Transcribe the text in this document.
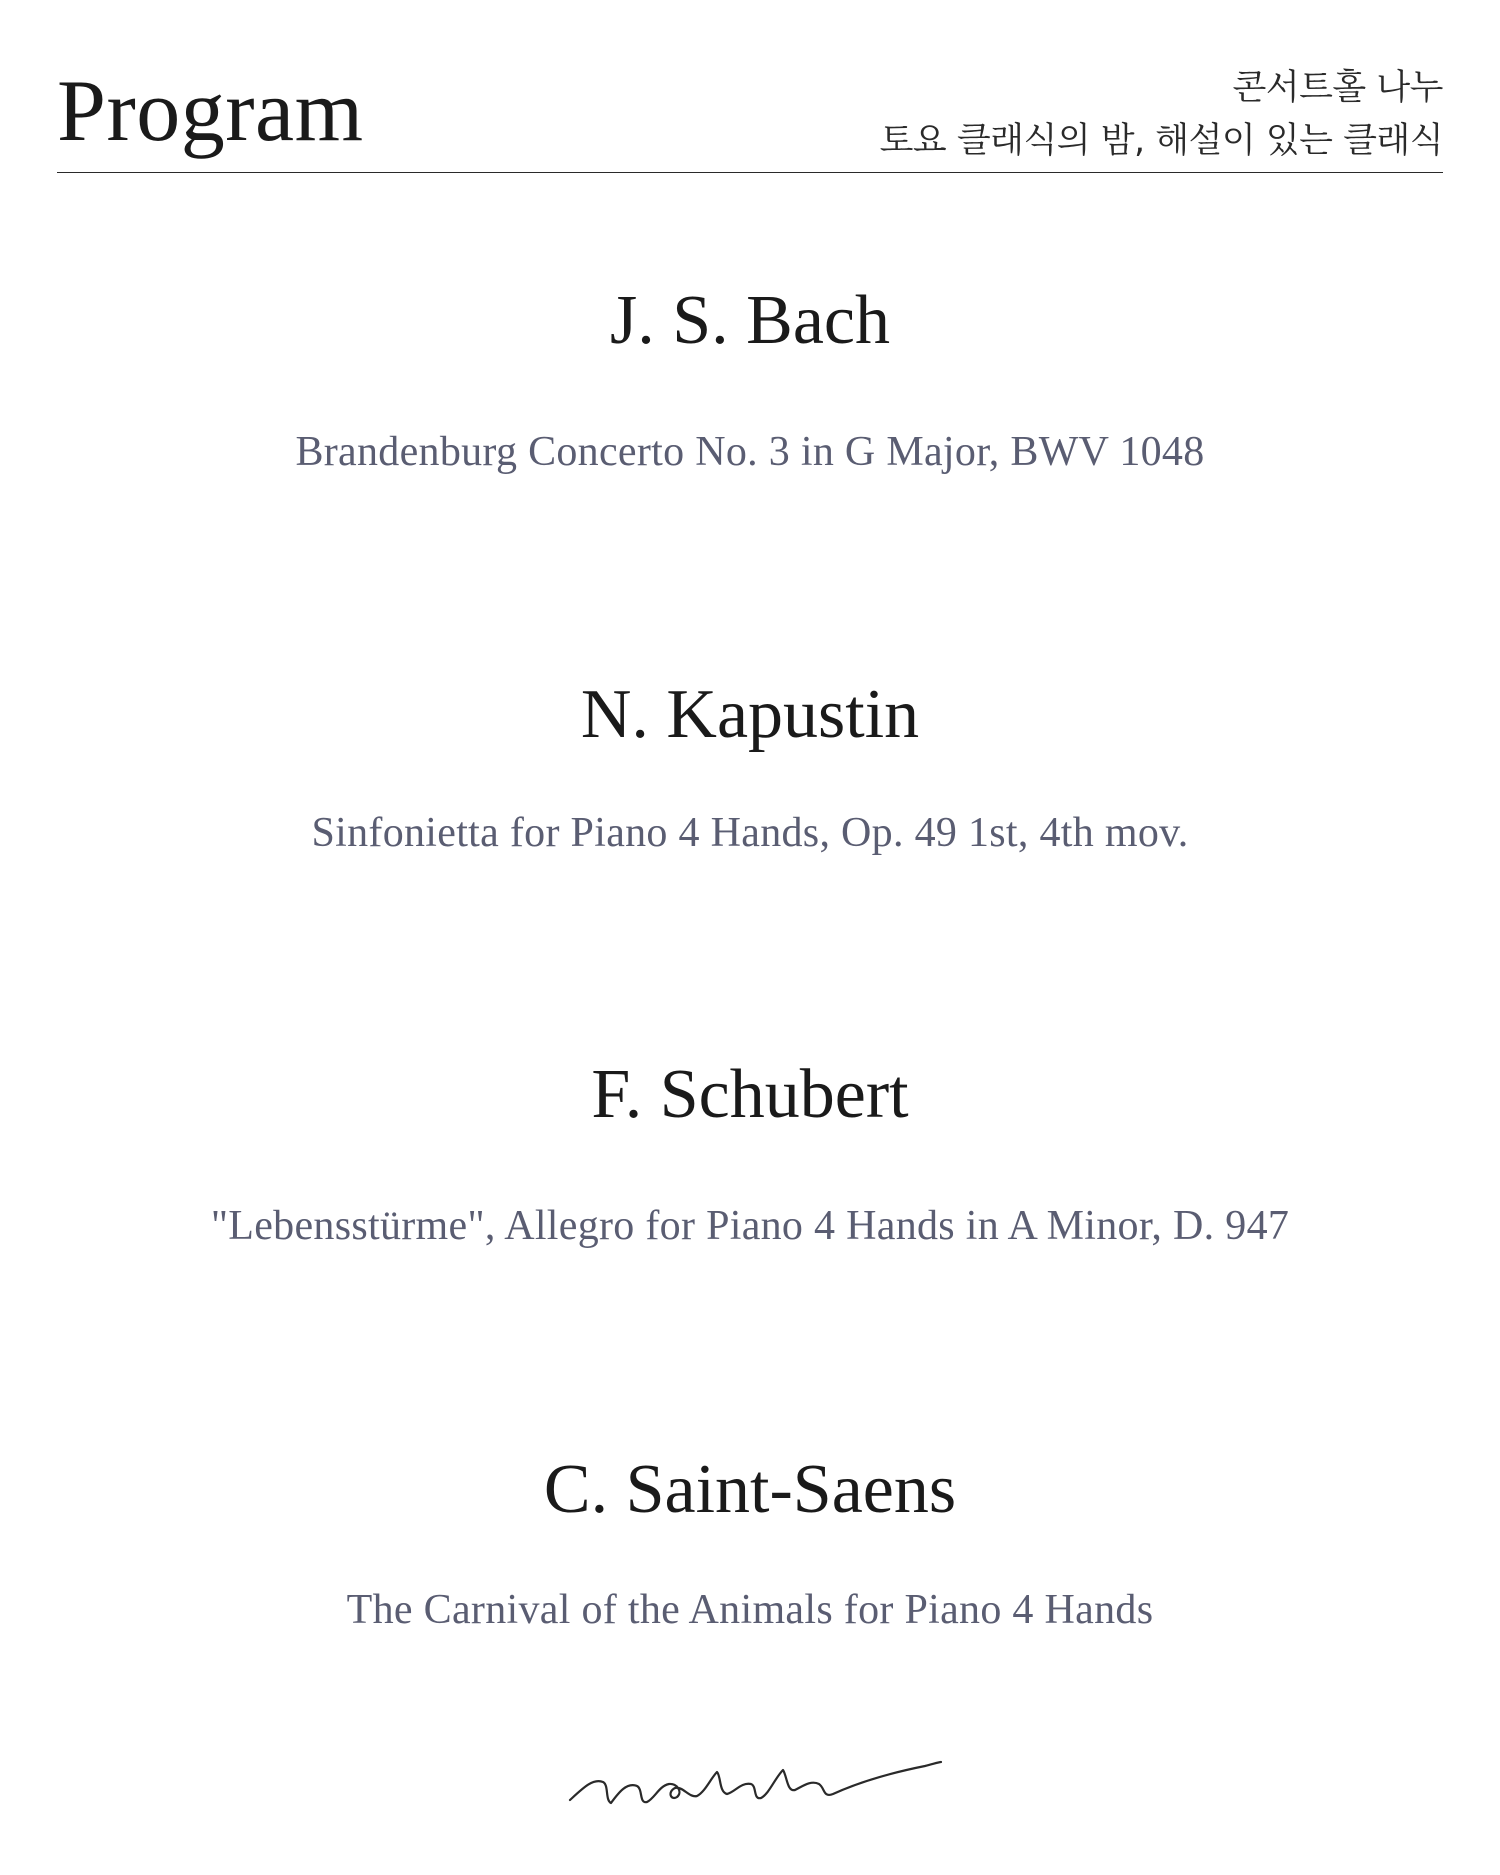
Program	콘서트홀 나누
토요 클래식의 밤, 해설이 있는 클래식
J. S. Bach
Brandenburg Concerto No. 3 in G Major, BWV 1048
N. Kapustin
Sinfonietta for Piano 4 Hands, Op. 49 1st, 4th mov.
F. Schubert
"Lebensstürme", Allegro for Piano 4 Hands in A Minor, D. 947
C. Saint-Saens
The Carnival of the Animals for Piano 4 Hands
